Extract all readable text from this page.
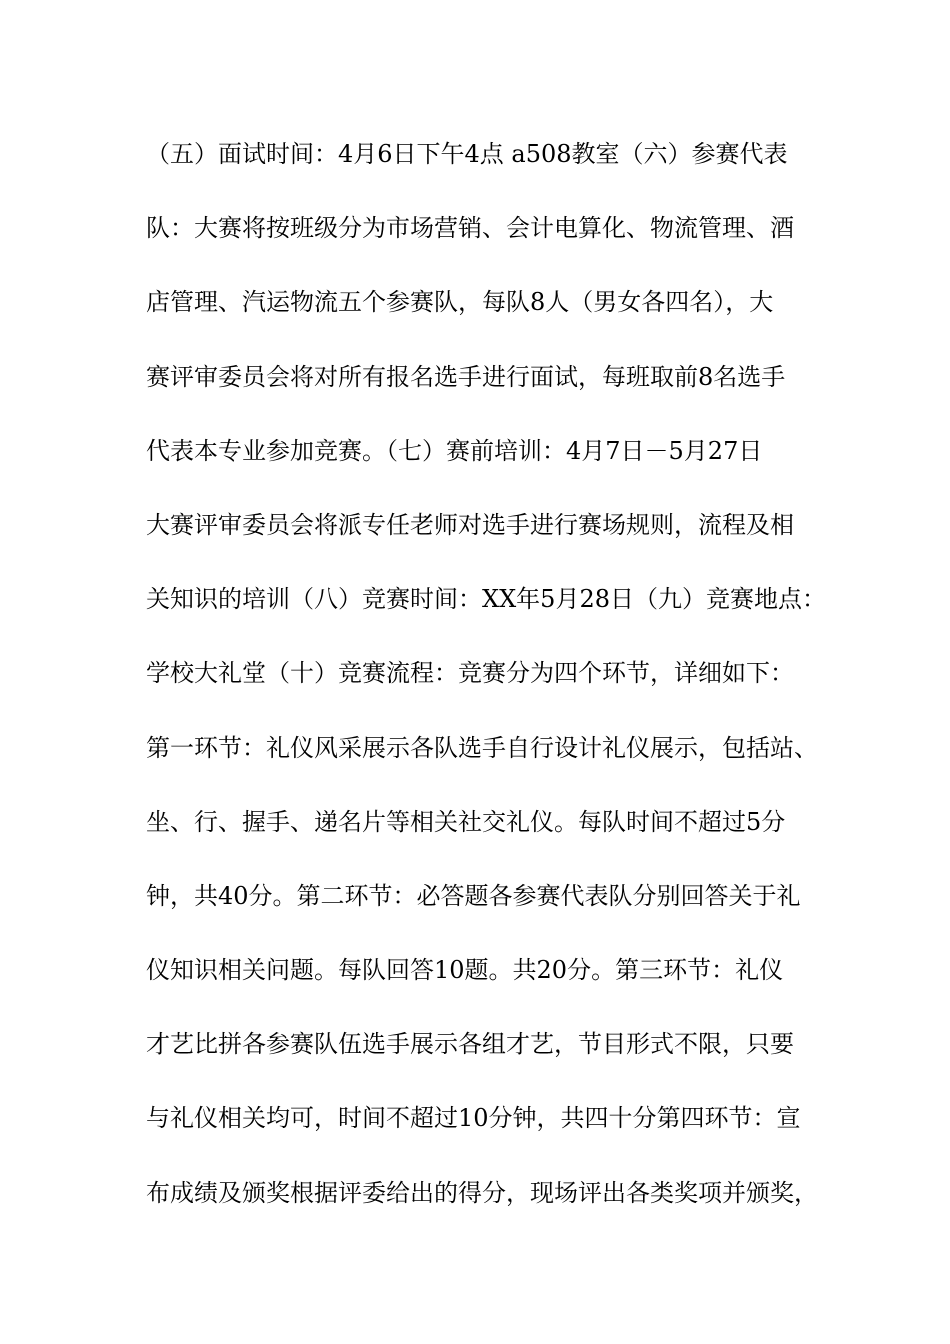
（五）面试时间：4月6日下午4点 a508教室（六）参赛代表
队：大赛将按班级分为市场营销、会计电算化、物流管理、酒
店管理、汽运物流五个参赛队，每队8人（男女各四名），大
赛评审委员会将对所有报名选手进行面试，每班取前8名选手
代表本专业参加竞赛。（七）赛前培训：4月7日－5月27日
大赛评审委员会将派专任老师对选手进行赛场规则，流程及相
关知识的培训（八）竞赛时间：XX年5月28日（九）竞赛地点：
学校大礼堂（十）竞赛流程：竞赛分为四个环节，详细如下：
第一环节：礼仪风采展示各队选手自行设计礼仪展示，包括站、
坐、行、握手、递名片等相关社交礼仪。每队时间不超过5分
钟，共40分。第二环节：必答题各参赛代表队分别回答关于礼
仪知识相关问题。每队回答10题。共20分。第三环节：礼仪
才艺比拼各参赛队伍选手展示各组才艺，节目形式不限，只要
与礼仪相关均可，时间不超过10分钟，共四十分第四环节：宣
布成绩及颁奖根据评委给出的得分，现场评出各类奖项并颁奖，
